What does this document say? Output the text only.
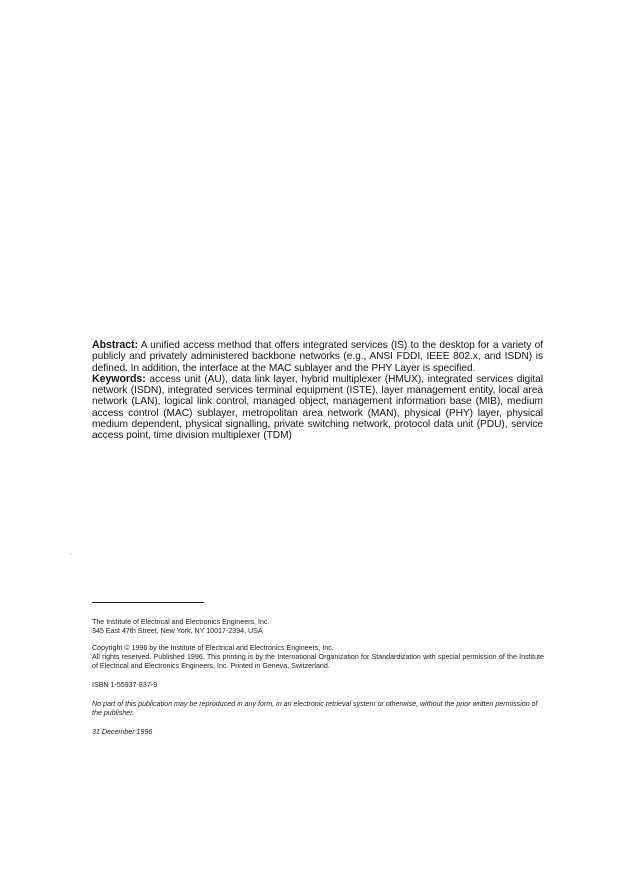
Abstract: A unified access method that offers integrated services (IS) to the desktop for a variety of publicly and privately administered backbone networks (e.g., ANSI FDDI, IEEE 802.x, and ISDN) is defined. In addition, the interface at the MAC sublayer and the PHY Layer is specified.

Keywords: access unit (AU), data link layer, hybrid multiplexer (HMUX), integrated services digital network (ISDN), integrated services terminal equipment (ISTE), layer management entity, local area network (LAN), logical link control, managed object, management information base (MIB), medium access control (MAC) sublayer, metropolitan area network (MAN), physical (PHY) layer, physical medium dependent, physical signalling, private switching network, protocol data unit (PDU), service access point, time division multiplexer (TDM)

The Institute of Electrical and Electronics Engineers, Inc.

345 East 47th Street, New York, NY 10017-2394, USA

Copyright © 1996 by the Institute of Electrical and Electronics Engineers, Inc.

All rights reserved. Published 1996. This printing is by the International Organization for Standardization with special permission of the Institute of Electrical and Electronics Engineers, Inc. Printed in Geneva, Switzerland.

ISBN 1-55937-837-9

No part of this publication may be reproduced in any form, in an electronic retrieval system or otherwise, without the prior written permission of the publisher.

31 December 1996
